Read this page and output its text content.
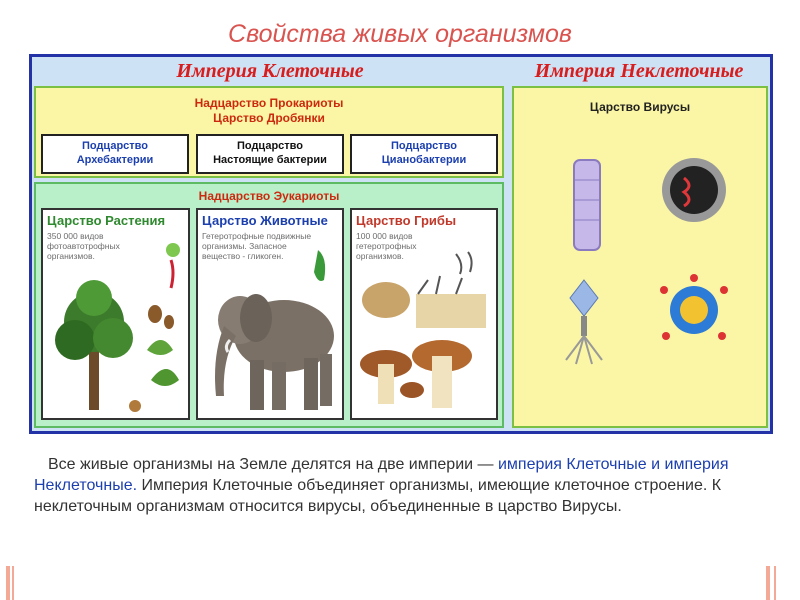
Свойства живых организмов
Империя Клеточные	Империя Неклеточные
Надцарство Прокариоты
Царство Дробянки
Подцарство
Архебактерии
Подцарство
Настоящие бактерии
Подцарство
Цианобактерии
Надцарство Эукариоты
Царство Растения
350 000 видов фотоавтотрофных организмов.
Царство Животные
Гетеротрофные подвижные организмы. Запасное вещество - гликоген.
Царство Грибы
100 000 видов гетеротрофных организмов.
Царство Вирусы
Все живые организмы на Земле делятся на две империи — империя Клеточные и империя Неклеточные. Империя Клеточные объединяет организмы, имеющие клеточное строение. К неклеточным организмам относится вирусы, объединенные в царство Вирусы.
